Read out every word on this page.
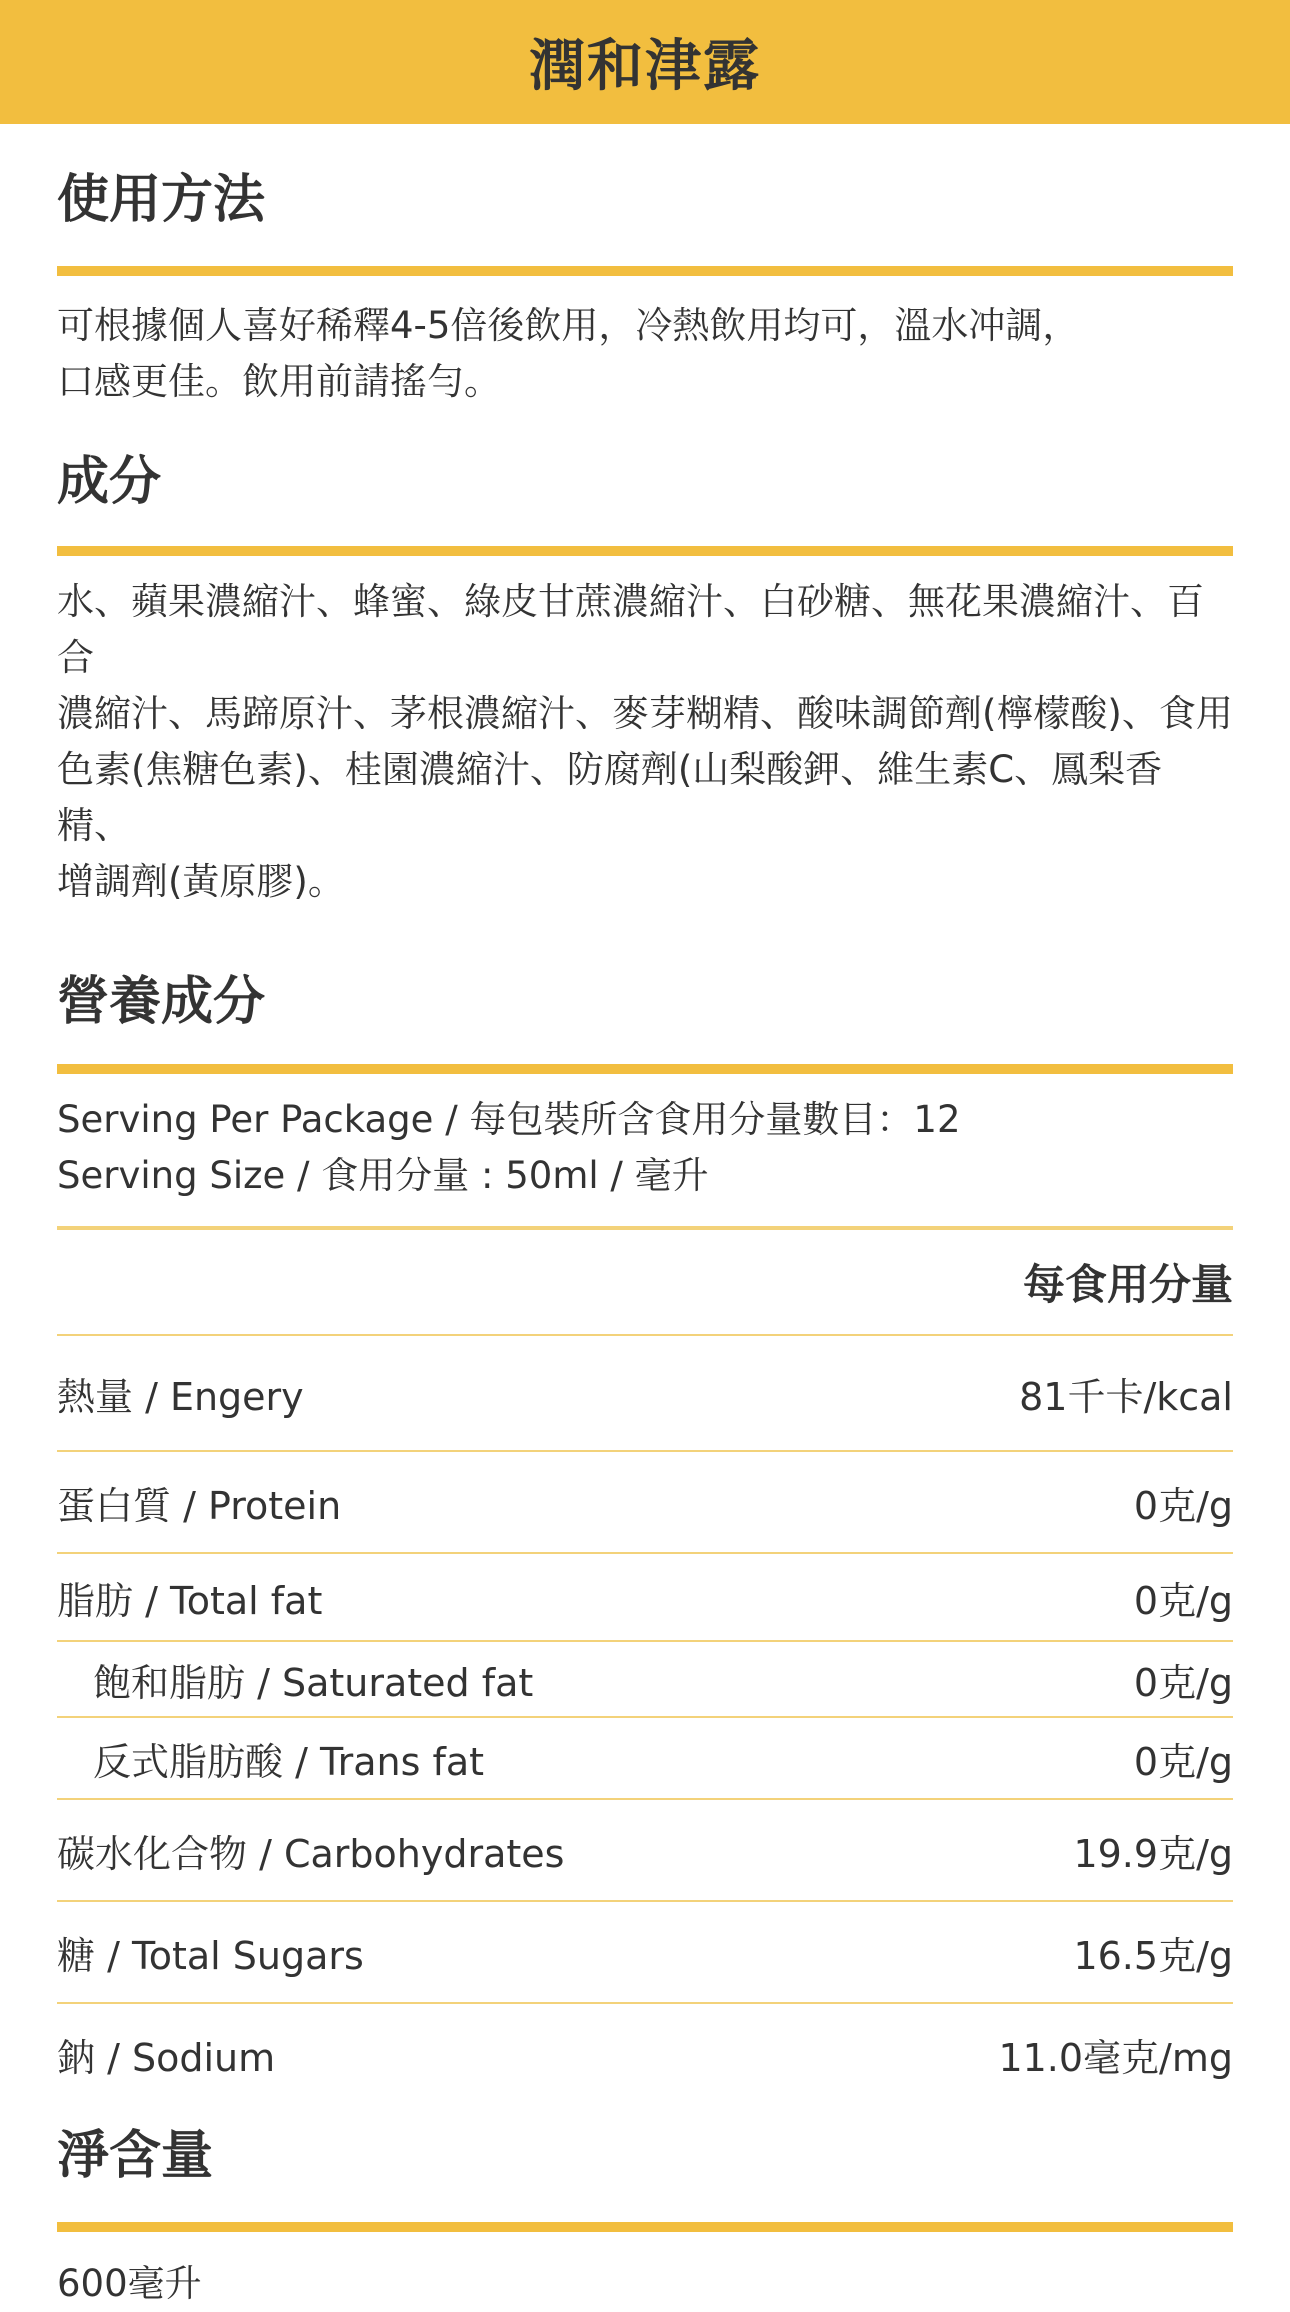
潤和津露
使用方法

可根據個人喜好稀釋4-5倍後飲用，冷熱飲用均可，溫水冲調，

口感更佳。飲用前請搖勻。

成分

水、蘋果濃縮汁、蜂蜜、綠皮甘蔗濃縮汁、白砂糖、無花果濃縮汁、百合

濃縮汁、馬蹄原汁、茅根濃縮汁、麥芽糊精、酸味調節劑(檸檬酸)、食用

色素(焦糖色素)、桂園濃縮汁、防腐劑(山梨酸鉀、維生素C、鳳梨香精、

增調劑(黃原膠)。

營養成分

Serving Per Package / 每包裝所含食用分量數目：12

Serving Size / 食用分量 : 50ml / 毫升

每食用分量
熱量 / Engery	81千卡/kcal
蛋白質 / Protein	0克/g
脂肪 / Total fat	0克/g
飽和脂肪 / Saturated fat	0克/g
反式脂肪酸 / Trans fat	0克/g
碳水化合物 / Carbohydrates	19.9克/g
糖 / Total Sugars	16.5克/g
鈉 / Sodium	11.0毫克/mg
淨含量

600毫升
